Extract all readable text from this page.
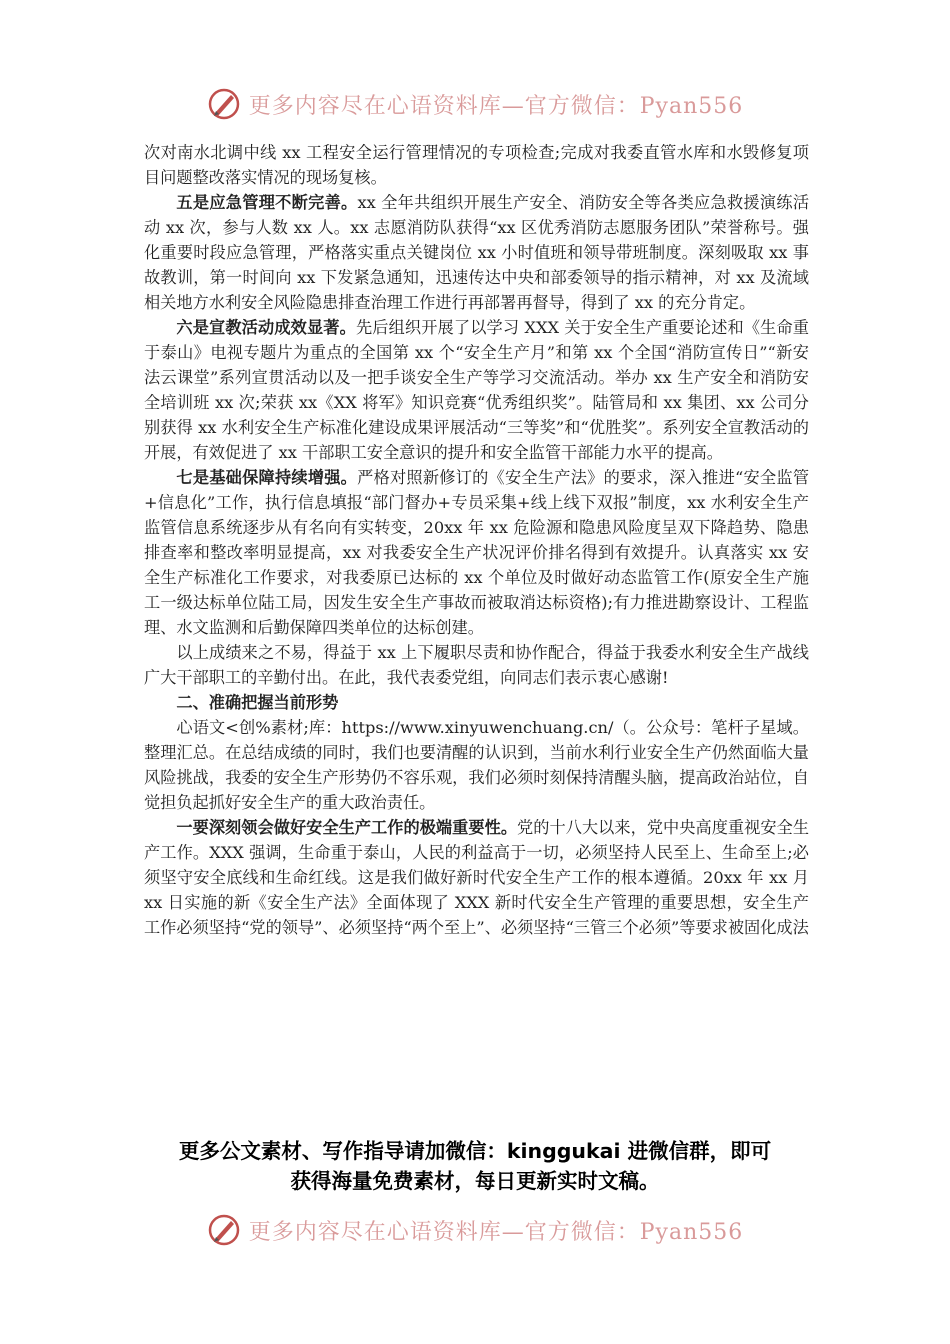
更多内容尽在心语资料库—官方微信：Pyan556

次对南水北调中线 xx 工程安全运行管理情况的专项检查;完成对我委直管水库和水毁修复项目问题整改落实情况的现场复核。

五是应急管理不断完善。xx 全年共组织开展生产安全、消防安全等各类应急救援演练活动 xx 次，参与人数 xx 人。xx 志愿消防队获得“xx 区优秀消防志愿服务团队”荣誉称号。强化重要时段应急管理，严格落实重点关键岗位 xx 小时值班和领导带班制度。深刻吸取 xx 事故教训，第一时间向 xx 下发紧急通知，迅速传达中央和部委领导的指示精神，对 xx 及流域相关地方水利安全风险隐患排查治理工作进行再部署再督导，得到了 xx 的充分肯定。

六是宣教活动成效显著。先后组织开展了以学习 XXX 关于安全生产重要论述和《生命重于泰山》电视专题片为重点的全国第 xx 个“安全生产月”和第 xx 个全国“消防宣传日”“新安法云课堂”系列宣贯活动以及一把手谈安全生产等学习交流活动。举办 xx 生产安全和消防安全培训班 xx 次;荣获 xx《XX 将军》知识竞赛“优秀组织奖”。陆管局和 xx 集团、xx 公司分别获得 xx 水利安全生产标准化建设成果评展活动“三等奖”和“优胜奖”。系列安全宣教活动的开展，有效促进了 xx 干部职工安全意识的提升和安全监管干部能力水平的提高。

七是基础保障持续增强。严格对照新修订的《安全生产法》的要求，深入推进“安全监管+信息化”工作，执行信息填报“部门督办+专员采集+线上线下双报”制度，xx 水利安全生产监管信息系统逐步从有名向有实转变，20xx 年 xx 危险源和隐患风险度呈双下降趋势、隐患排查率和整改率明显提高，xx 对我委安全生产状况评价排名得到有效提升。认真落实 xx 安全生产标准化工作要求，对我委原已达标的 xx 个单位及时做好动态监管工作(原安全生产施工一级达标单位陆工局，因发生安全生产事故而被取消达标资格);有力推进勘察设计、工程监理、水文监测和后勤保障四类单位的达标创建。

以上成绩来之不易，得益于 xx 上下履职尽责和协作配合，得益于我委水利安全生产战线广大干部职工的辛勤付出。在此，我代表委党组，向同志们表示衷心感谢!

二、准确把握当前形势

心语文<创%素材;库：https://www.xinyuwenchuang.cn/（。公众号：笔杆子星域。整理汇总。在总结成绩的同时，我们也要清醒的认识到，当前水利行业安全生产仍然面临大量风险挑战，我委的安全生产形势仍不容乐观，我们必须时刻保持清醒头脑，提高政治站位，自觉担负起抓好安全生产的重大政治责任。

一要深刻领会做好安全生产工作的极端重要性。党的十八大以来，党中央高度重视安全生产工作。XXX 强调，生命重于泰山，人民的利益高于一切，必须坚持人民至上、生命至上;必须坚守安全底线和生命红线。这是我们做好新时代安全生产工作的根本遵循。20xx 年 xx 月 xx 日实施的新《安全生产法》全面体现了 XXX 新时代安全生产管理的重要思想，安全生产工作必须坚持“党的领导”、必须坚持“两个至上”、必须坚持“三管三个必须”等要求被固化成法

更多公文素材、写作指导请加微信：kinggukai 进微信群，即可
获得海量免费素材，每日更新实时文稿。
更多内容尽在心语资料库—官方微信：Pyan556
